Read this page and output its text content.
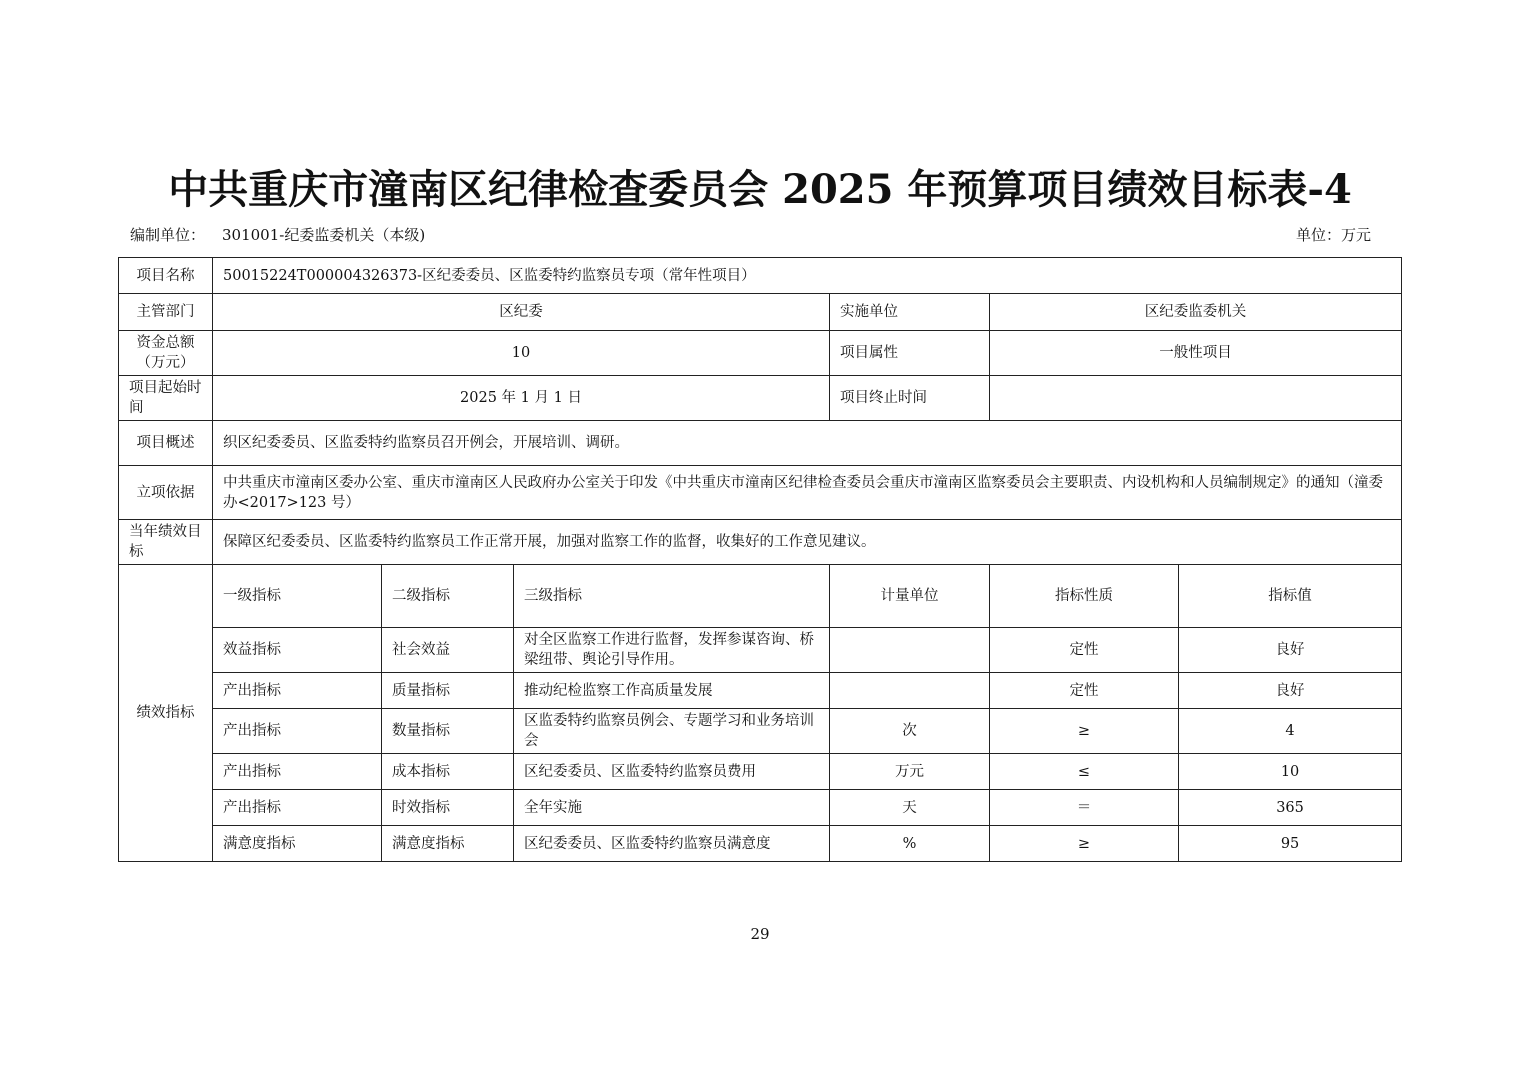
中共重庆市潼南区纪律检查委员会 2025 年预算项目绩效目标表-4
编制单位： 301001-纪委监委机关（本级)	单位：万元
项目名称	50015224T000004326373-区纪委委员、区监委特约监察员专项（常年性项目）					
主管部门	区纪委			实施单位	区纪委监委机关	
资金总额（万元）	10			项目属性	一般性项目	
项目起始时间	2025 年 1 月 1 日			项目终止时间		
项目概述	织区纪委委员、区监委特约监察员召开例会，开展培训、调研。					
立项依据	中共重庆市潼南区委办公室、重庆市潼南区人民政府办公室关于印发《中共重庆市潼南区纪律检查委员会重庆市潼南区监察委员会主要职责、内设机构和人员编制规定》的通知（潼委办<2017>123 号）					
当年绩效目标	保障区纪委委员、区监委特约监察员工作正常开展，加强对监察工作的监督，收集好的工作意见建议。					
绩效指标	一级指标	二级指标	三级指标	计量单位	指标性质	指标值
	效益指标	社会效益	对全区监察工作进行监督，发挥参谋咨询、桥梁纽带、舆论引导作用。		定性	良好
	产出指标	质量指标	推动纪检监察工作高质量发展		定性	良好
	产出指标	数量指标	区监委特约监察员例会、专题学习和业务培训会	次	≥	4
	产出指标	成本指标	区纪委委员、区监委特约监察员费用	万元	≤	10
	产出指标	时效指标	全年实施	天	＝	365
	满意度指标	满意度指标	区纪委委员、区监委特约监察员满意度	%	≥	95
29
